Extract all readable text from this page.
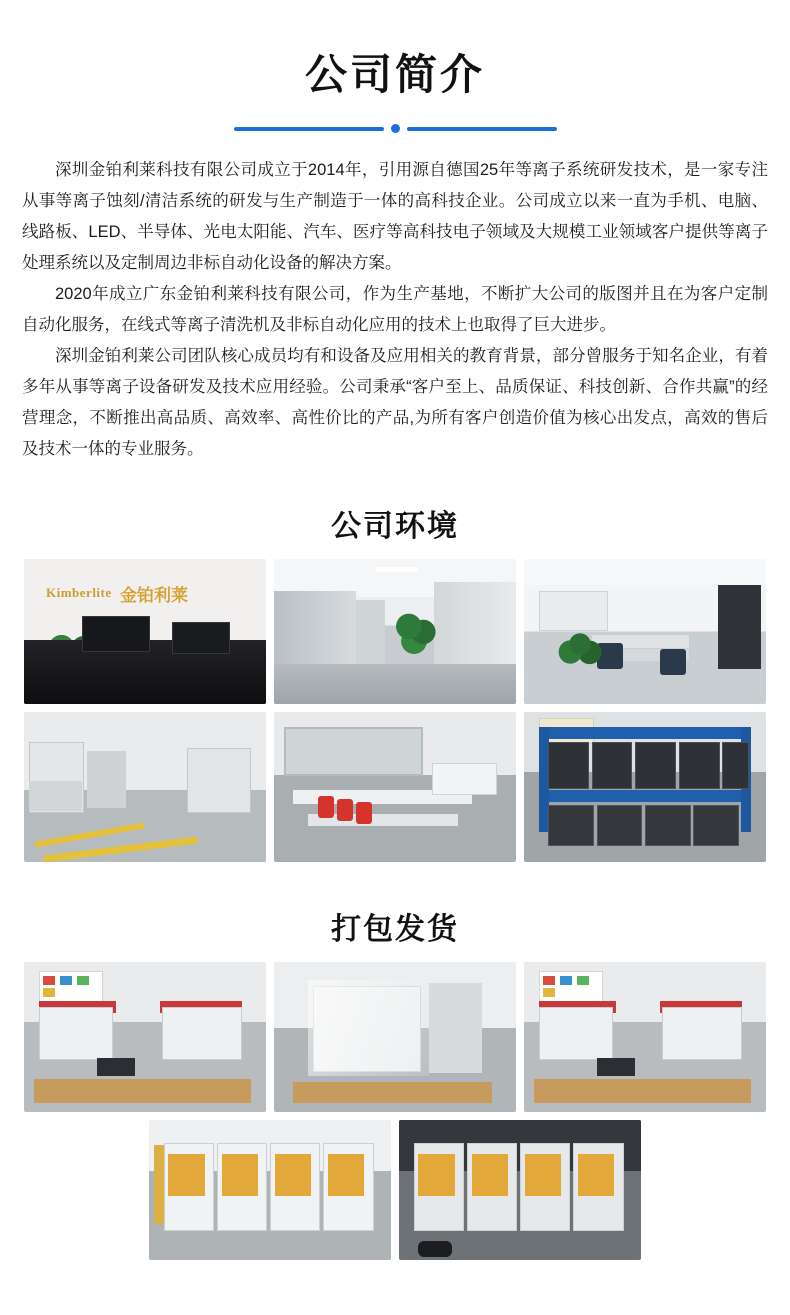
公司简介

深圳金铂利莱科技有限公司成立于2014年，引用源自德国25年等离子系统研发技术，是一家专注从事等离子蚀刻/清洁系统的研发与生产制造于一体的高科技企业。公司成立以来一直为手机、电脑、线路板、LED、半导体、光电太阳能、汽车、医疗等高科技电子领域及大规模工业领域客户提供等离子处理系统以及定制周边非标自动化设备的解决方案。

2020年成立广东金铂利莱科技有限公司，作为生产基地，不断扩大公司的版图并且在为客户定制自动化服务，在线式等离子清洗机及非标自动化应用的技术上也取得了巨大进步。

深圳金铂利莱公司团队核心成员均有和设备及应用相关的教育背景，部分曾服务于知名企业，有着多年从事等离子设备研发及技术应用经验。公司秉承“客户至上、品质保证、科技创新、合作共赢”的经营理念，不断推出高品质、高效率、高性价比的产品,为所有客户创造价值为核心出发点，高效的售后及技术一体的专业服务。

公司环境
Kimberlite 金铂利莱
打包发货
